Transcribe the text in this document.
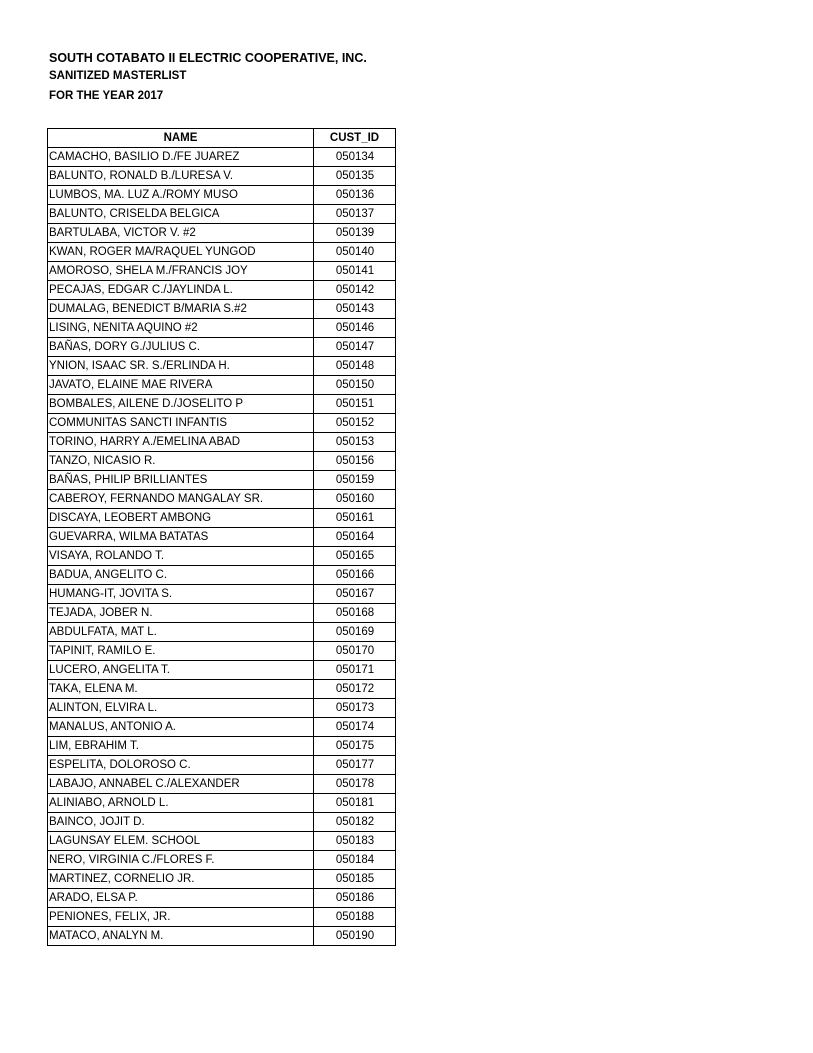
SOUTH COTABATO II ELECTRIC COOPERATIVE, INC.

SANITIZED MASTERLIST

FOR THE YEAR 2017

NAME	CUST_ID
CAMACHO, BASILIO D./FE JUAREZ	050134
BALUNTO, RONALD B./LURESA V.	050135
LUMBOS, MA. LUZ A./ROMY MUSO	050136
BALUNTO, CRISELDA BELGICA	050137
BARTULABA, VICTOR V. #2	050139
KWAN, ROGER MA/RAQUEL YUNGOD	050140
AMOROSO, SHELA M./FRANCIS JOY	050141
PECAJAS, EDGAR C./JAYLINDA L.	050142
DUMALAG, BENEDICT B/MARIA S.#2	050143
LISING, NENITA AQUINO #2	050146
BAÑAS, DORY G./JULIUS C.	050147
YNION, ISAAC SR. S./ERLINDA H.	050148
JAVATO, ELAINE MAE RIVERA	050150
BOMBALES, AILENE D./JOSELITO P	050151
COMMUNITAS SANCTI INFANTIS	050152
TORINO, HARRY A./EMELINA ABAD	050153
TANZO, NICASIO R.	050156
BAÑAS, PHILIP BRILLIANTES	050159
CABEROY, FERNANDO MANGALAY SR.	050160
DISCAYA, LEOBERT AMBONG	050161
GUEVARRA, WILMA BATATAS	050164
VISAYA, ROLANDO T.	050165
BADUA, ANGELITO C.	050166
HUMANG-IT, JOVITA S.	050167
TEJADA, JOBER N.	050168
ABDULFATA, MAT L.	050169
TAPINIT, RAMILO E.	050170
LUCERO, ANGELITA T.	050171
TAKA, ELENA M.	050172
ALINTON, ELVIRA L.	050173
MANALUS, ANTONIO A.	050174
LIM, EBRAHIM T.	050175
ESPELITA, DOLOROSO C.	050177
LABAJO, ANNABEL C./ALEXANDER	050178
ALINIABO, ARNOLD L.	050181
BAINCO, JOJIT D.	050182
LAGUNSAY ELEM. SCHOOL	050183
NERO, VIRGINIA C./FLORES F.	050184
MARTINEZ, CORNELIO JR.	050185
ARADO, ELSA P.	050186
PENIONES, FELIX, JR.	050188
MATACO, ANALYN M.	050190
